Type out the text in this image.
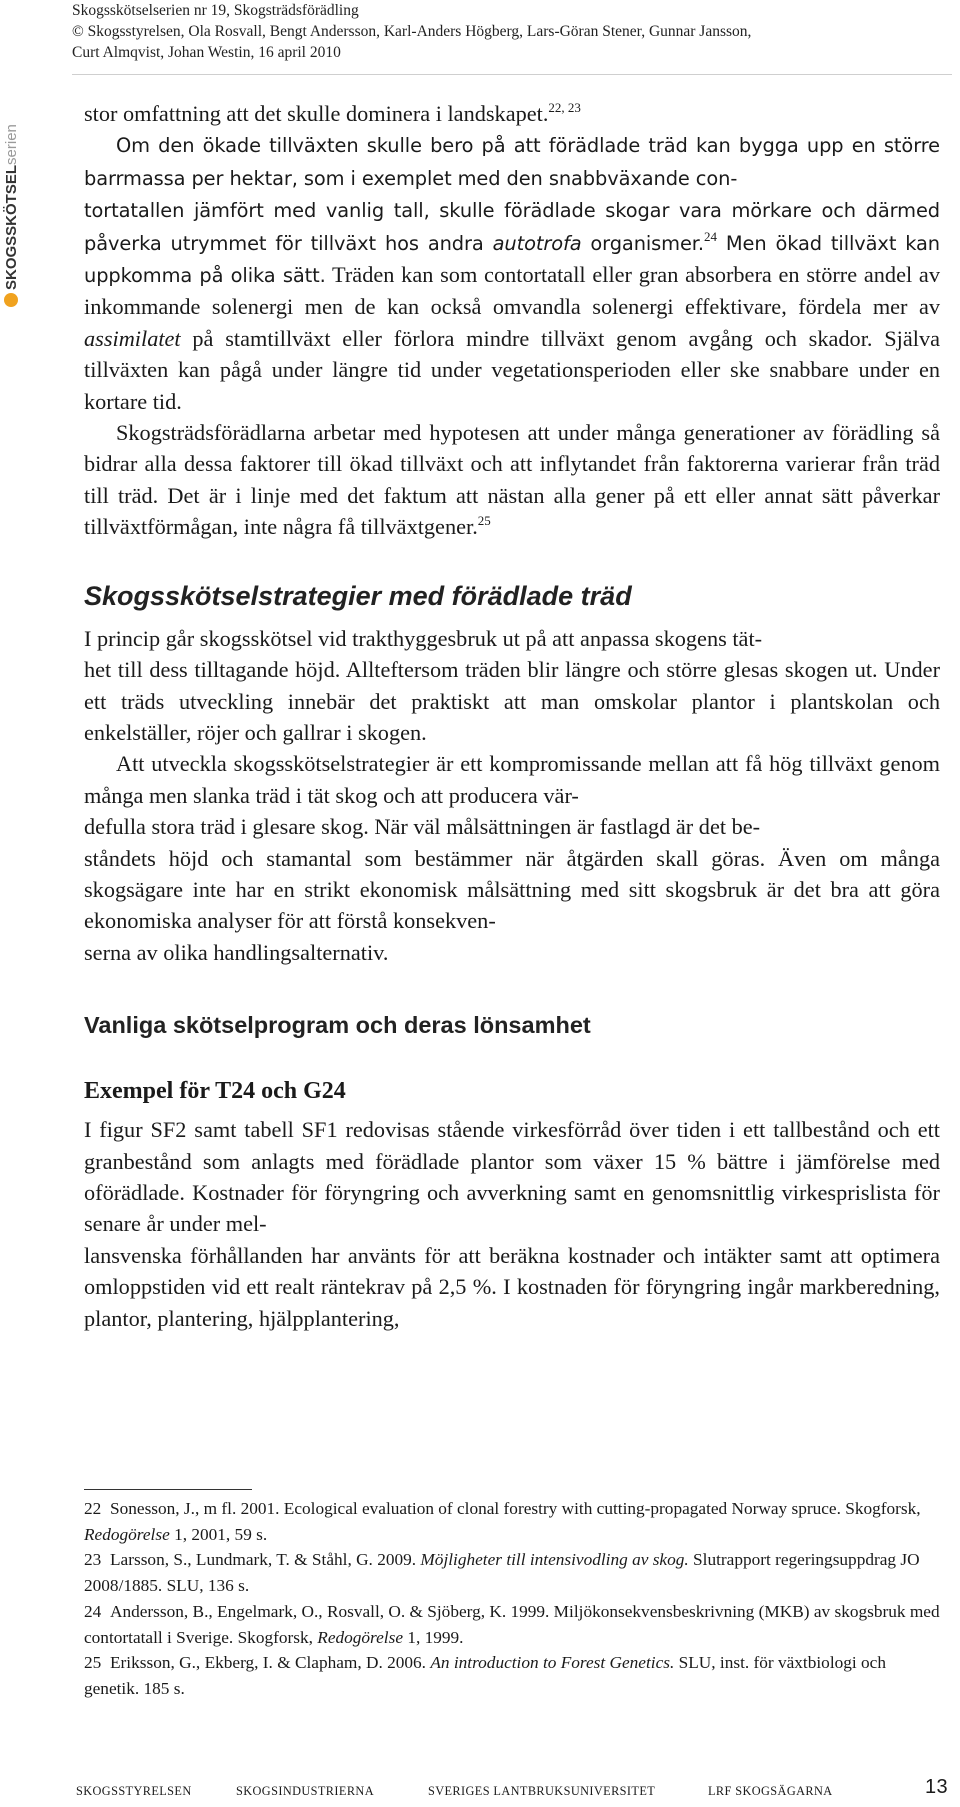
Skogsskötselserien nr 19, Skogsträdsförädling
© Skogsstyrelsen, Ola Rosvall, Bengt Andersson, Karl-Anders Högberg, Lars-Göran Stener, Gunnar Jansson,
Curt Almqvist, Johan Westin, 16 april 2010
SKOGSSKÖTSELserien

stor omfattning att det skulle dominera i landskapet.$^{22, 23}$

Om den ökade tillväxten skulle bero på att förädlade träd kan bygga upp en större barrmassa per hektar, som i exemplet med den snabbväxande con-
tortatallen jämfört med vanlig tall, skulle förädlade skogar vara mörkare och därmed påverka utrymmet för tillväxt hos andra autotrofa organismer.$^{24}$ Men ökad tillväxt kan uppkomma på olika sätt. Träden kan som contortatall eller gran absorbera en större andel av inkommande solenergi men de kan också omvandla solenergi effektivare, fördela mer av assimilatet på stamtillväxt eller förlora mindre tillväxt genom avgång och skador. Själva tillväxten kan pågå under längre tid under vegetationsperioden eller ske snabbare under en kortare tid.

Skogsträdsförädlarna arbetar med hypotesen att under många generationer av förädling så bidrar alla dessa faktorer till ökad tillväxt och att inflytandet från faktorerna varierar från träd till träd. Det är i linje med det faktum att nästan alla gener på ett eller annat sätt påverkar tillväxtförmågan, inte några få tillväxtgener.$^{25}$

Skogsskötselstrategier med förädlade träd

I princip går skogsskötsel vid trakthyggesbruk ut på att anpassa skogens tät-
het till dess tilltagande höjd. Allteftersom träden blir längre och större glesas skogen ut. Under ett träds utveckling innebär det praktiskt att man omskolar plantor i plantskolan och enkelställer, röjer och gallrar i skogen.

Att utveckla skogsskötselstrategier är ett kompromissande mellan att få hög tillväxt genom många men slanka träd i tät skog och att producera vär-
defulla stora träd i glesare skog. När väl målsättningen är fastlagd är det be-
ståndets höjd och stamantal som bestämmer när åtgärden skall göras. Även om många skogsägare inte har en strikt ekonomisk målsättning med sitt skogsbruk är det bra att göra ekonomiska analyser för att förstå konsekven-
serna av olika handlingsalternativ.

Vanliga skötselprogram och deras lönsamhet
Exempel för T24 och G24

I figur SF2 samt tabell SF1 redovisas stående virkesförråd över tiden i ett tallbestånd och ett granbestånd som anlagts med förädlade plantor som växer 15 % bättre i jämförelse med oförädlade. Kostnader för föryngring och avverkning samt en genomsnittlig virkesprislista för senare år under mel-
lansvenska förhållanden har använts för att beräkna kostnader och intäkter samt att optimera omloppstiden vid ett realt räntekrav på 2,5 %. I kostnaden för föryngring ingår markberedning, plantor, plantering, hjälpplantering,

22 Sonesson, J., m fl. 2001. Ecological evaluation of clonal forestry with cutting-propagated Norway spruce. Skogforsk, Redogörelse 1, 2001, 59 s.
23 Larsson, S., Lundmark, T. & Ståhl, G. 2009. Möjligheter till intensivodling av skog. Slutrapport regeringsuppdrag JO 2008/1885. SLU, 136 s.
24 Andersson, B., Engelmark, O., Rosvall, O. & Sjöberg, K. 1999. Miljökonsekvensbeskrivning (MKB) av skogsbruk med contortatall i Sverige. Skogforsk, Redogörelse 1, 1999.
25 Eriksson, G., Ekberg, I. & Clapham, D. 2006. An introduction to Forest Genetics. SLU, inst. för växtbiologi och genetik. 185 s.
SKOGSSTYRELSEN	SKOGSINDUSTRIERNA	SVERIGES LANTBRUKSUNIVERSITET	LRF SKOGSÄGARNA	13
